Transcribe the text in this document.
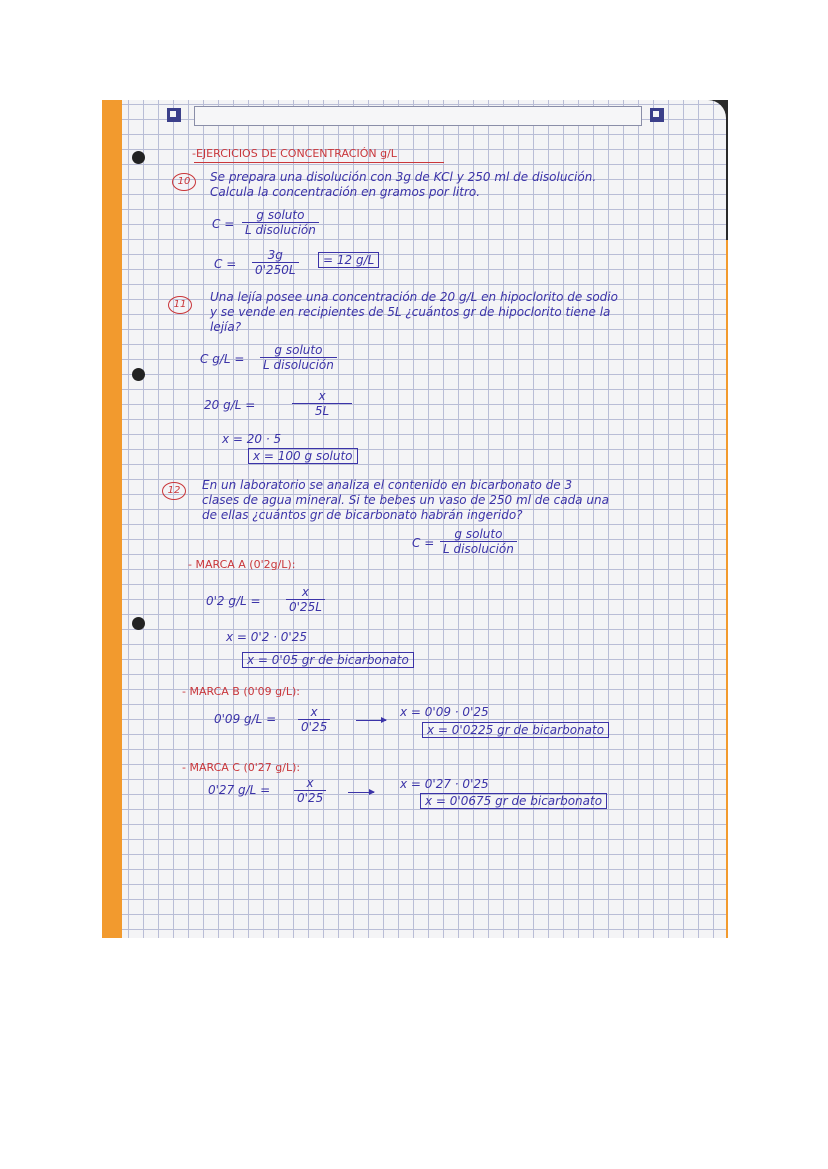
-EJERCICIOS DE CONCENTRACIÓN g/L

10	Se prepara una disolución con 3g de KCl y 250 ml de disolución. Calcula la concentración en gramos por litro.

C =

g soluto
L disolución

$C = \frac{3g}{0'250L}$	= 12 g/L

11

Una lejía posee una concentración de 20 g/L en hipoclorito de sodio y se vende en recipientes de 5L ¿cuántos gr de hipoclorito tiene la lejía?

C g/L =

g soluto
L disolución

20 g/L =	$\frac{x}{5L}$

x = 20 · 5

x = 100 g soluto

12	En un laboratorio se analiza el contenido en bicarbonato de 3 clases de agua mineral. Si te bebes un vaso de 250 ml de cada una de ellas ¿cuántos gr de bicarbonato habrán ingerido?

C =

g soluto
L disolución

- MARCA A (0'2g/L):

0'2 $g/L = \frac{x}{0'25L}$

x = 0'2 · 0'25

x = 0'05 gr de bicarbonato

- MARCA B (0'09 g/L):

0'09 $g/L = \frac{x}{0'25}$	x = 0'09 · 0'25

x = 0'0225 gr de bicarbonato

- MARCA C (0'27 g/L):

0'27 $g/L = \frac{x}{0'25}$	x = 0'27 · 0'25

x = 0'0675 gr de bicarbonato
